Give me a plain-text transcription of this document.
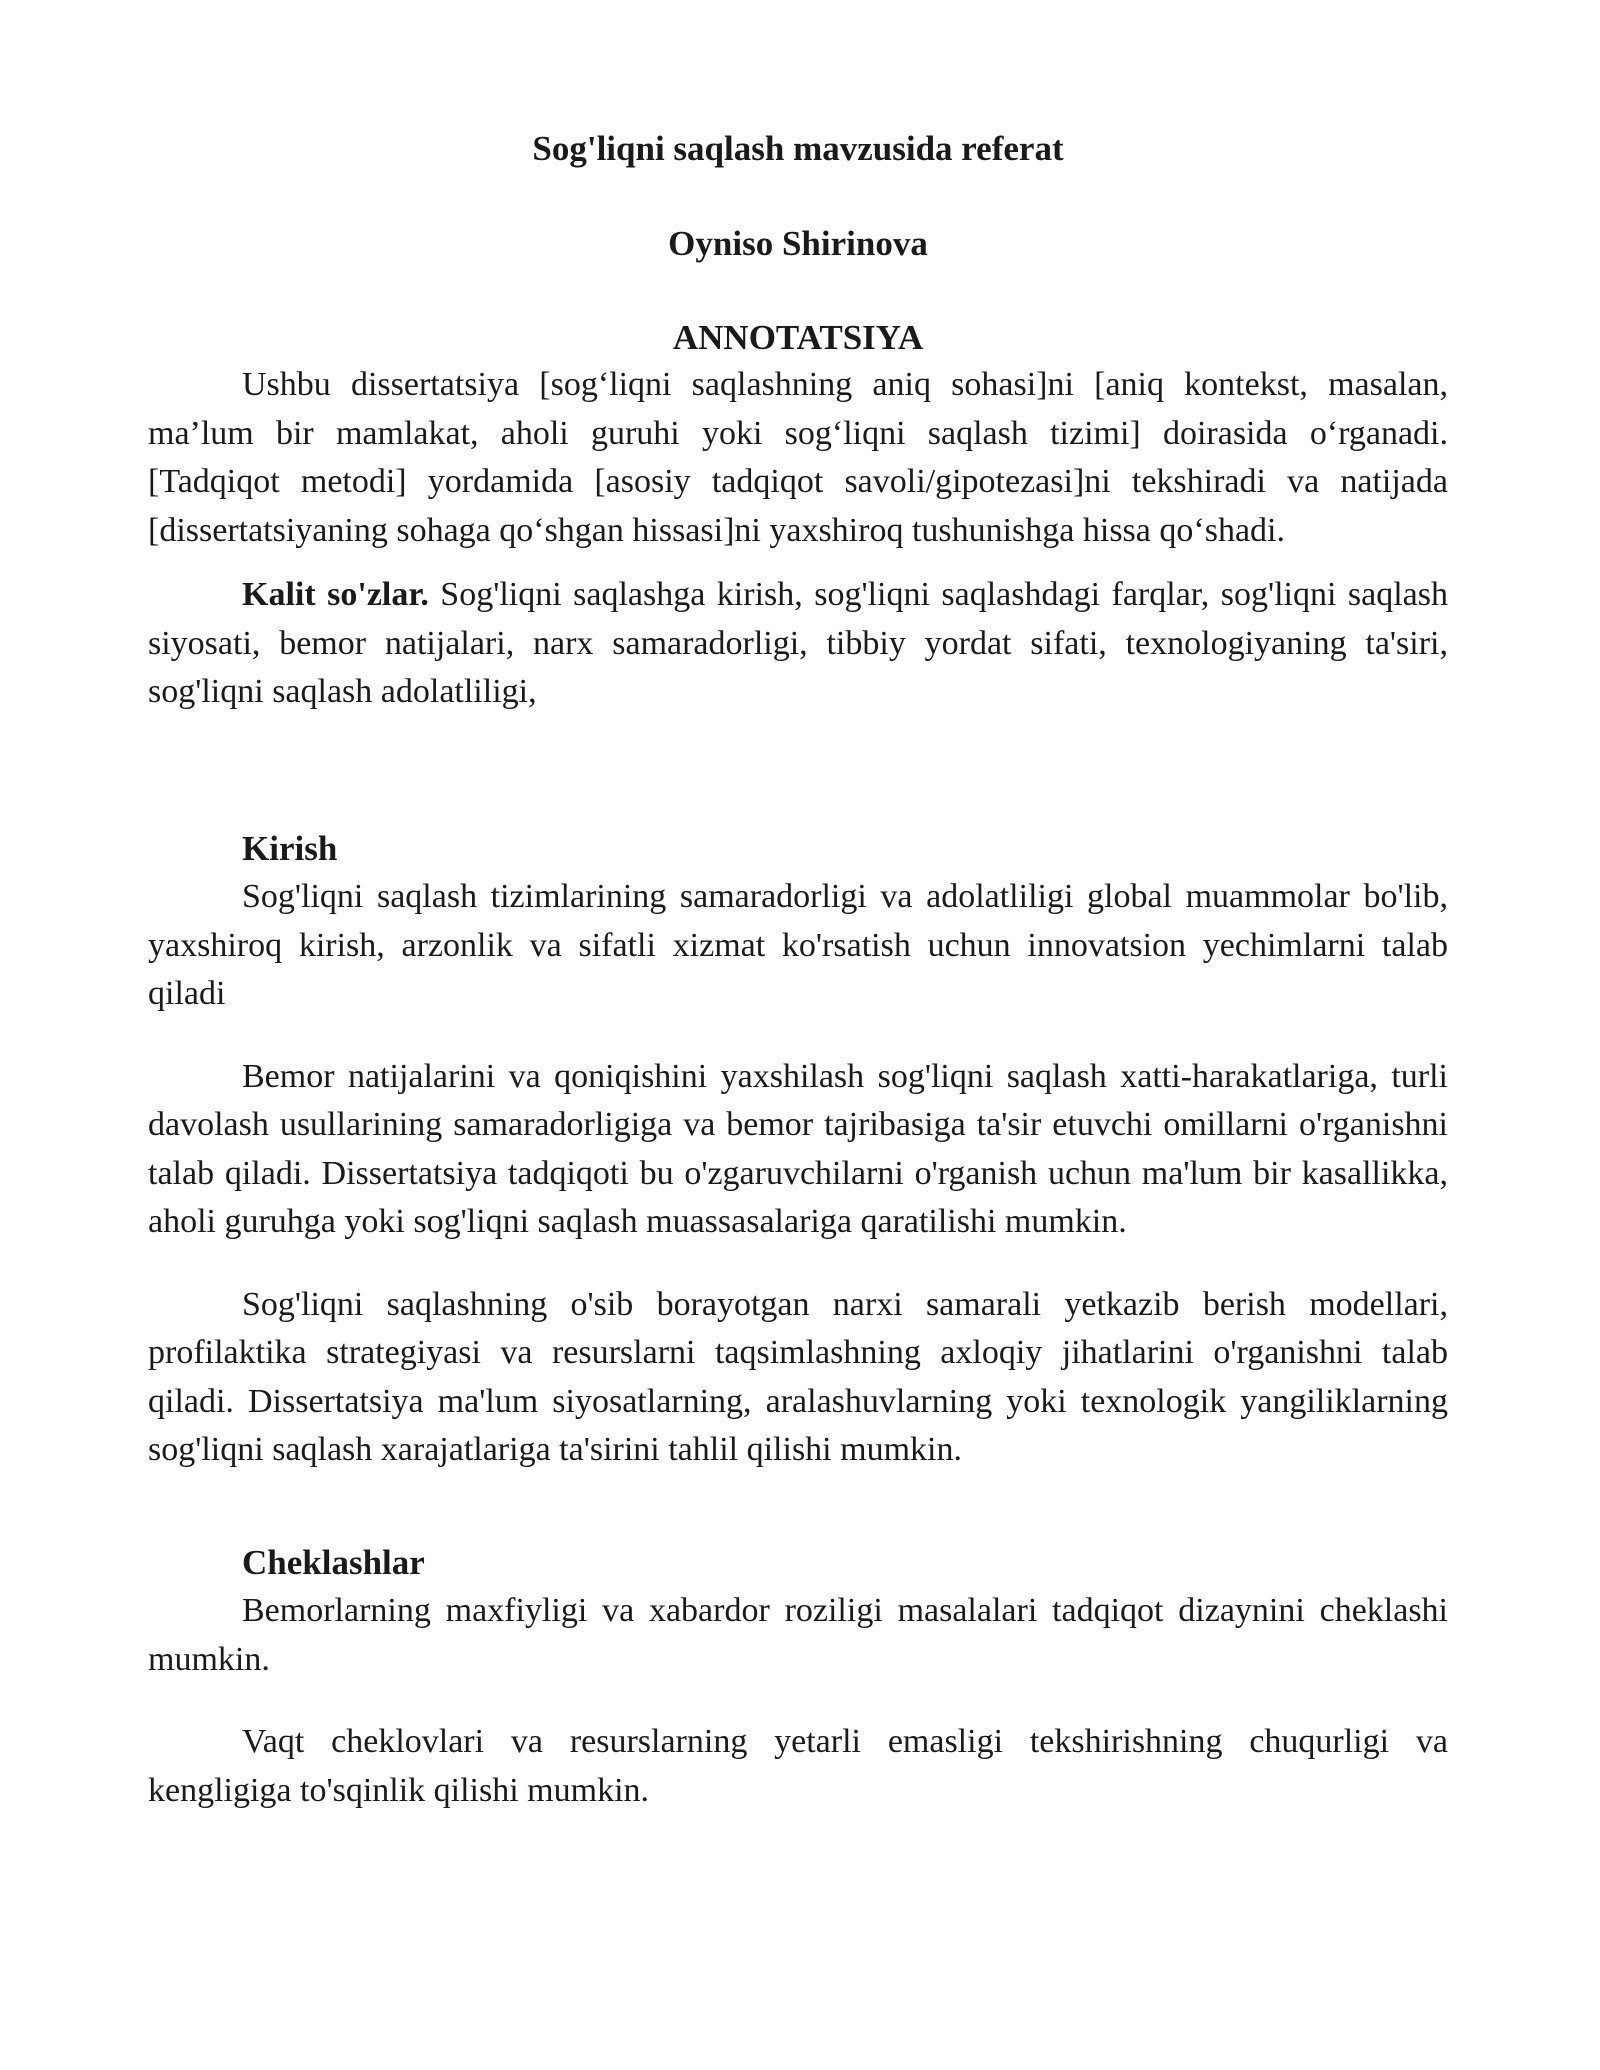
Sog'liqni saqlash mavzusida referat
Oyniso Shirinova
ANNOTATSIYA

Ushbu dissertatsiya [sog‘liqni saqlashning aniq sohasi]ni [aniq kontekst, masalan, ma’lum bir mamlakat, aholi guruhi yoki sog‘liqni saqlash tizimi] doirasida o‘rganadi. [Tadqiqot metodi] yordamida [asosiy tadqiqot savoli/gipotezasi]ni tekshiradi va natijada [dissertatsiyaning sohaga qo‘shgan hissasi]ni yaxshiroq tushunishga hissa qo‘shadi.

Kalit so'zlar. Sog'liqni saqlashga kirish, sog'liqni saqlashdagi farqlar, sog'liqni saqlash siyosati, bemor natijalari, narx samaradorligi, tibbiy yordat sifati, texnologiyaning ta'siri, sog'liqni saqlash adolatliligi,

Kirish

Sog'liqni saqlash tizimlarining samaradorligi va adolatliligi global muammolar bo'lib, yaxshiroq kirish, arzonlik va sifatli xizmat ko'rsatish uchun innovatsion yechimlarni talab qiladi

Bemor natijalarini va qoniqishini yaxshilash sog'liqni saqlash xatti-harakatlariga, turli davolash usullarining samaradorligiga va bemor tajribasiga ta'sir etuvchi omillarni o'rganishni talab qiladi. Dissertatsiya tadqiqoti bu o'zgaruvchilarni o'rganish uchun ma'lum bir kasallikka, aholi guruhga yoki sog'liqni saqlash muassasalariga qaratilishi mumkin.

Sog'liqni saqlashning o'sib borayotgan narxi samarali yetkazib berish modellari, profilaktika strategiyasi va resurslarni taqsimlashning axloqiy jihatlarini o'rganishni talab qiladi. Dissertatsiya ma'lum siyosatlarning, aralashuvlarning yoki texnologik yangiliklarning sog'liqni saqlash xarajatlariga ta'sirini tahlil qilishi mumkin.

Cheklashlar

Bemorlarning maxfiyligi va xabardor roziligi masalalari tadqiqot dizaynini cheklashi mumkin.

Vaqt cheklovlari va resurslarning yetarli emasligi tekshirishning chuqurligi va kengligiga to'sqinlik qilishi mumkin.
